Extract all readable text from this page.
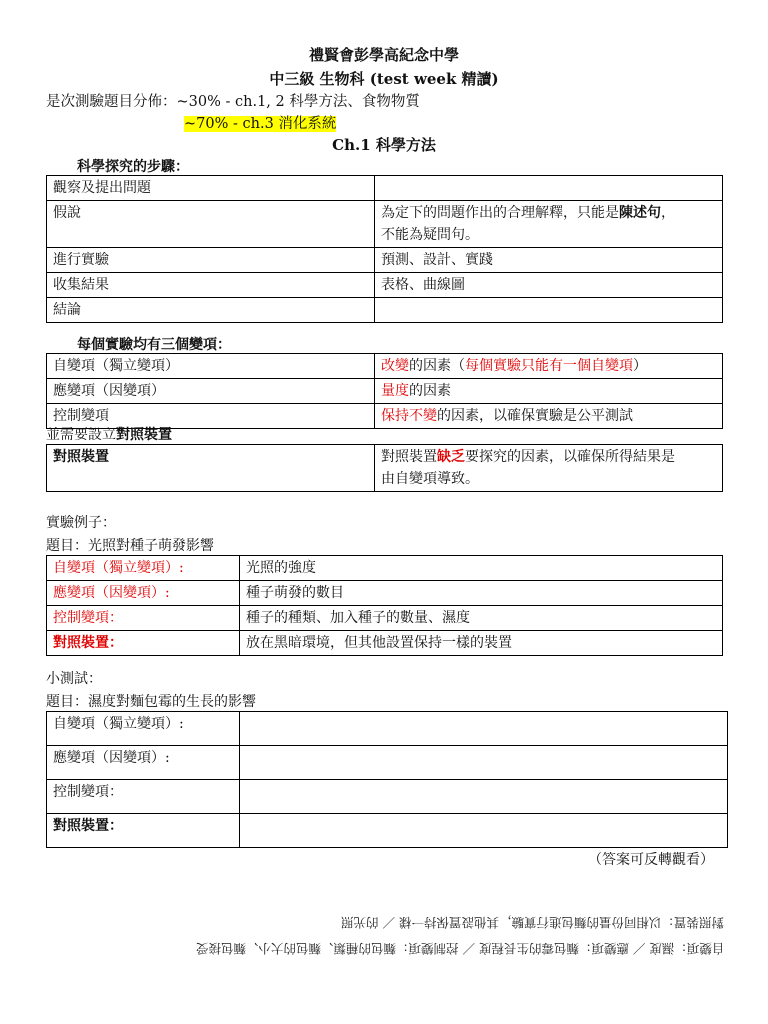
禮賢會彭學高紀念中學
中三級 生物科 (test week 精讀)
是次測驗題目分佈：~30% - ch.1, 2 科學方法、食物物質
~70% - ch.3 消化系統
Ch.1 科學方法
科學探究的步驟：
觀察及提出問題	
假說	為定下的問題作出的合理解釋，只能是陳述句，
不能為疑問句。
進行實驗	預測、設計、實踐
收集結果	表格、曲線圖
結論	
每個實驗均有三個變項：
自變項（獨立變項）	改變的因素（每個實驗只能有一個自變項）
應變項（因變項）	量度的因素
控制變項	保持不變的因素，以確保實驗是公平測試
並需要設立對照裝置
對照裝置	對照裝置缺乏要探究的因素，以確保所得結果是
由自變項導致。
實驗例子：
題目：光照對種子萌發影響
自變項（獨立變項）:	光照的強度
應變項（因變項）:	種子萌發的數目
控制變項：	種子的種類、加入種子的數量、濕度
對照裝置：	放在黑暗環境，但其他設置保持一樣的裝置
小測試：
題目：濕度對麵包霉的生長的影響
自變項（獨立變項）:	
應變項（因變項）:	
控制變項：	
對照裝置：	
（答案可反轉觀看）
對照裝置：以相同份量的麵包進行實驗，其他設置保持一樣 ／ 的光照
自變項：濕度 ／ 應變項：麵包霉的生長程度 ／ 控制變項：麵包的種類、麵包的大小、麵包接受
